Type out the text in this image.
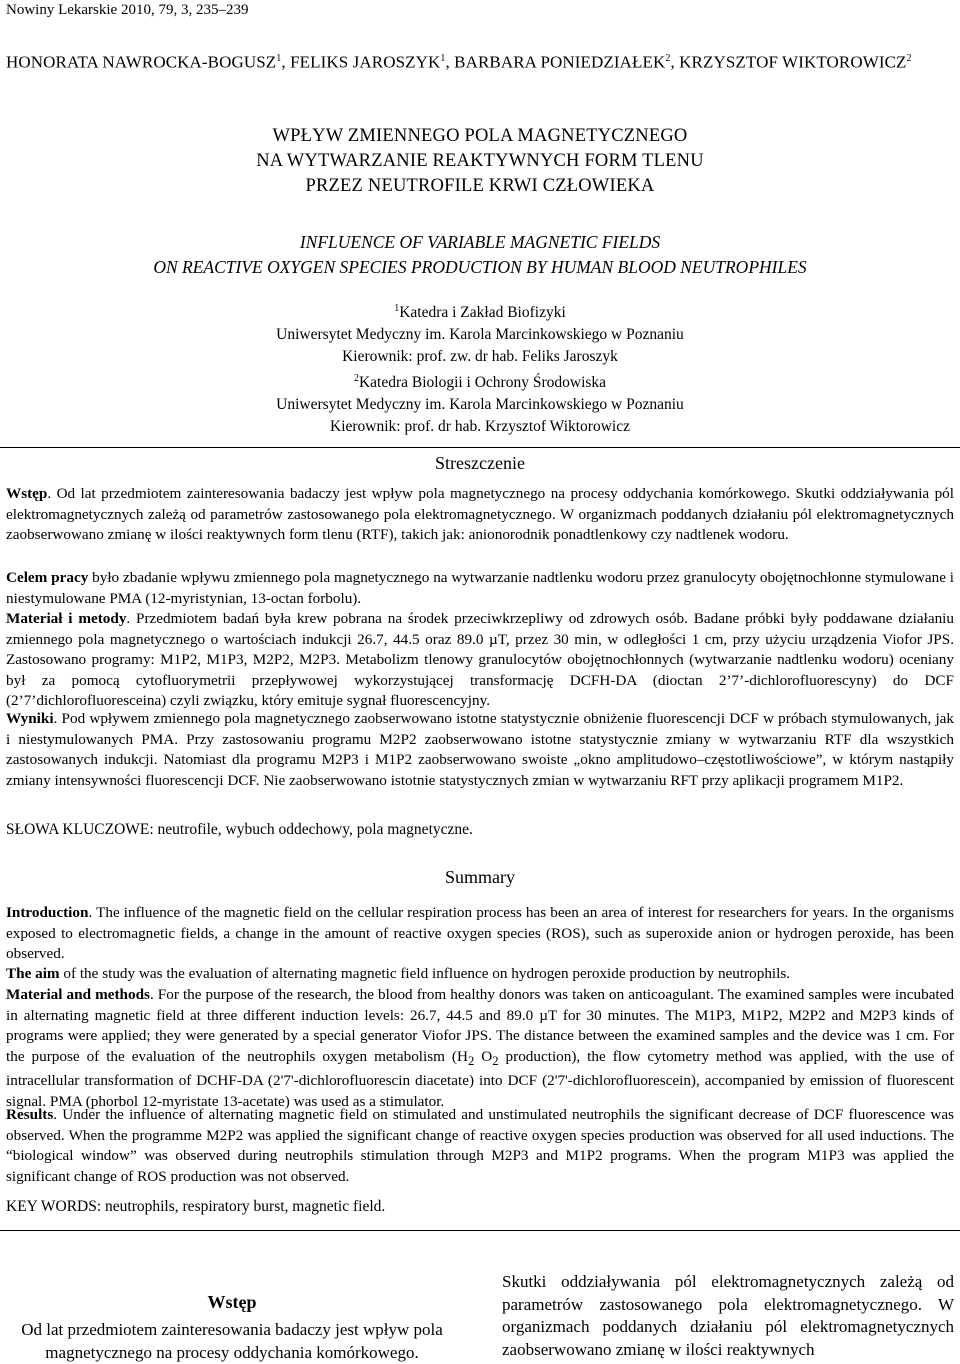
Nowiny Lekarskie 2010, 79, 3, 235–239
HONORATA NAWROCKA-BOGUSZ$^1$, FELIKS JAROSZYK$^1$, BARBARA PONIEDZIAŁEK$^2$, KRZYSZTOF WIKTOROWICZ$^2$
WPŁYW ZMIENNEGO POLA MAGNETYCZNEGO
NA WYTWARZANIE REAKTYWNYCH FORM TLENU
PRZEZ NEUTROFILE KRWI CZŁOWIEKA
INFLUENCE OF VARIABLE MAGNETIC FIELDS
ON REACTIVE OXYGEN SPECIES PRODUCTION BY HUMAN BLOOD NEUTROPHILES
$^1$Katedra i Zakład Biofizyki
Uniwersytet Medyczny im. Karola Marcinkowskiego w Poznaniu
Kierownik: prof. zw. dr hab. Feliks Jaroszyk
$^2$Katedra Biologii i Ochrony Środowiska
Uniwersytet Medyczny im. Karola Marcinkowskiego w Poznaniu
Kierownik: prof. dr hab. Krzysztof Wiktorowicz
Streszczenie
Wstęp. Od lat przedmiotem zainteresowania badaczy jest wpływ pola magnetycznego na procesy oddychania komórkowego. Skutki oddziaływania pól elektromagnetycznych zależą od parametrów zastosowanego pola elektromagnetycznego. W organizmach poddanych działaniu pól elektromagnetycznych zaobserwowano zmianę w ilości reaktywnych form tlenu (RTF), takich jak: anionorodnik ponadtlenkowy czy nadtlenek wodoru.
Celem pracy było zbadanie wpływu zmiennego pola magnetycznego na wytwarzanie nadtlenku wodoru przez granulocyty obojętnochłonne stymulowane i niestymulowane PMA (12-myristynian, 13-octan forbolu).
Materiał i metody. Przedmiotem badań była krew pobrana na środek przeciwkrzepliwy od zdrowych osób. Badane próbki były poddawane działaniu zmiennego pola magnetycznego o wartościach indukcji 26.7, 44.5 oraz 89.0 µT, przez 30 min, w odległości 1 cm, przy użyciu urządzenia Viofor JPS. Zastosowano programy: M1P2, M1P3, M2P2, M2P3. Metabolizm tlenowy granulocytów obojętnochłonnych (wytwarzanie nadtlenku wodoru) oceniany był za pomocą cytofluorymetrii przepływowej wykorzystującej transformację DCFH-DA (dioctan 2’7’-dichlorofluorescyny) do DCF (2’7’dichlorofluoresceina) czyli związku, który emituje sygnał fluorescencyjny.
Wyniki. Pod wpływem zmiennego pola magnetycznego zaobserwowano istotne statystycznie obniżenie fluorescencji DCF w próbach stymulowanych, jak i niestymulowanych PMA. Przy zastosowaniu programu M2P2 zaobserwowano istotne statystycznie zmiany w wytwarzaniu RTF dla wszystkich zastosowanych indukcji. Natomiast dla programu M2P3 i M1P2 zaobserwowano swoiste „okno amplitudowo–częstotliwościowe”, w którym nastąpiły zmiany intensywności fluorescencji DCF. Nie zaobserwowano istotnie statystycznych zmian w wytwarzaniu RFT przy aplikacji programem M1P2.
SŁOWA KLUCZOWE: neutrofile, wybuch oddechowy, pola magnetyczne.
Summary
Introduction. The influence of the magnetic field on the cellular respiration process has been an area of interest for researchers for years. In the organisms exposed to electromagnetic fields, a change in the amount of reactive oxygen species (ROS), such as superoxide anion or hydrogen peroxide, has been observed.
The aim of the study was the evaluation of alternating magnetic field influence on hydrogen peroxide production by neutrophils.
Material and methods. For the purpose of the research, the blood from healthy donors was taken on anticoagulant. The examined samples were incubated in alternating magnetic field at three different induction levels: 26.7, 44.5 and 89.0 µT for 30 minutes. The M1P3, M1P2, M2P2 and M2P3 kinds of programs were applied; they were generated by a special generator Viofor JPS. The distance between the examined samples and the device was 1 cm. For the purpose of the evaluation of the neutrophils oxygen metabolism ($H_2$ $O_2$ production), the flow cytometry method was applied, with the use of intracellular transformation of DCHF-DA (2'7'-dichlorofluorescin diacetate) into DCF (2'7'-dichlorofluorescein), accompanied by emission of fluorescent signal. PMA (phorbol 12-myristate 13-acetate) was used as a stimulator.
Results. Under the influence of alternating magnetic field on stimulated and unstimulated neutrophils the significant decrease of DCF fluorescence was observed. When the programme M2P2 was applied the significant change of reactive oxygen species production was observed for all used inductions. The “biological window” was observed during neutrophils stimulation through M2P3 and M1P2 programs. When the program M1P3 was applied the significant change of ROS production was not observed.
KEY WORDS: neutrophils, respiratory burst, magnetic field.
Wstęp
Od lat przedmiotem zainteresowania badaczy jest wpływ pola magnetycznego na procesy oddychania komórkowego.
Skutki oddziaływania pól elektromagnetycznych zależą od parametrów zastosowanego pola elektromagnetycznego. W organizmach poddanych działaniu pól elektromagnetycznych zaobserwowano zmianę w ilości reaktywnych
